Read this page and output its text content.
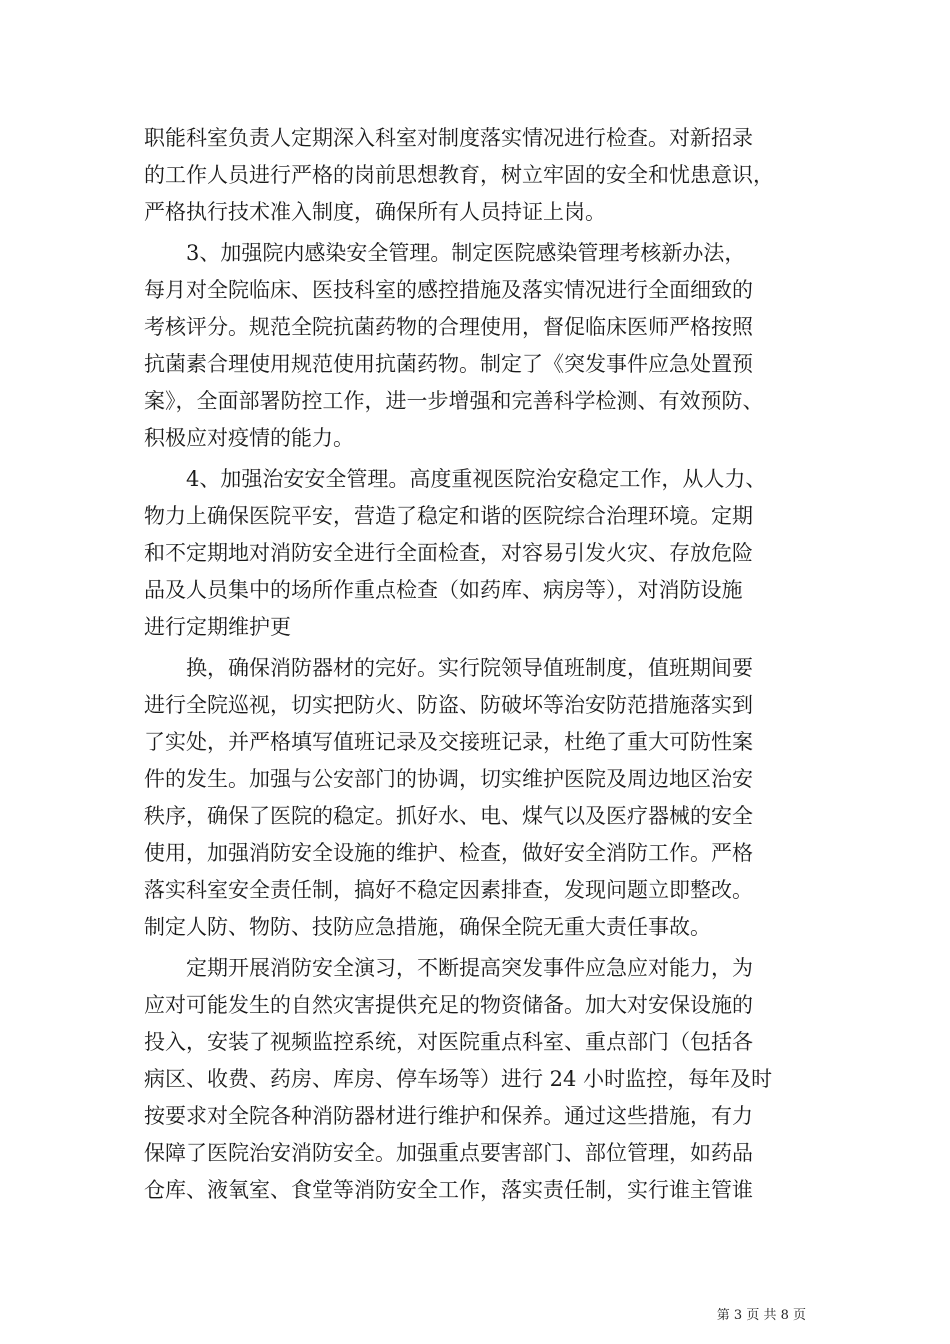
职能科室负责人定期深入科室对制度落实情况进行检查。对新招录
的工作人员进行严格的岗前思想教育，树立牢固的安全和忧患意识，
严格执行技术准入制度，确保所有人员持证上岗。
3、加强院内感染安全管理。制定医院感染管理考核新办法，
每月对全院临床、医技科室的感控措施及落实情况进行全面细致的
考核评分。规范全院抗菌药物的合理使用，督促临床医师严格按照
抗菌素合理使用规范使用抗菌药物。制定了《突发事件应急处置预
案》，全面部署防控工作，进一步增强和完善科学检测、有效预防、
积极应对疫情的能力。
4、加强治安安全管理。高度重视医院治安稳定工作，从人力、
物力上确保医院平安，营造了稳定和谐的医院综合治理环境。定期
和不定期地对消防安全进行全面检查，对容易引发火灾、存放危险
品及人员集中的场所作重点检查（如药库、病房等），对消防设施
进行定期维护更
换，确保消防器材的完好。实行院领导值班制度，值班期间要
进行全院巡视，切实把防火、防盗、防破坏等治安防范措施落实到
了实处，并严格填写值班记录及交接班记录，杜绝了重大可防性案
件的发生。加强与公安部门的协调，切实维护医院及周边地区治安
秩序，确保了医院的稳定。抓好水、电、煤气以及医疗器械的安全
使用，加强消防安全设施的维护、检查，做好安全消防工作。严格
落实科室安全责任制，搞好不稳定因素排查，发现问题立即整改。
制定人防、物防、技防应急措施，确保全院无重大责任事故。
定期开展消防安全演习，不断提高突发事件应急应对能力，为
应对可能发生的自然灾害提供充足的物资储备。加大对安保设施的
投入，安装了视频监控系统，对医院重点科室、重点部门（包括各
病区、收费、药房、库房、停车场等）进行 24 小时监控，每年及时
按要求对全院各种消防器材进行维护和保养。通过这些措施，有力
保障了医院治安消防安全。加强重点要害部门、部位管理，如药品
仓库、液氧室、食堂等消防安全工作，落实责任制，实行谁主管谁
第 3 页 共 8 页
